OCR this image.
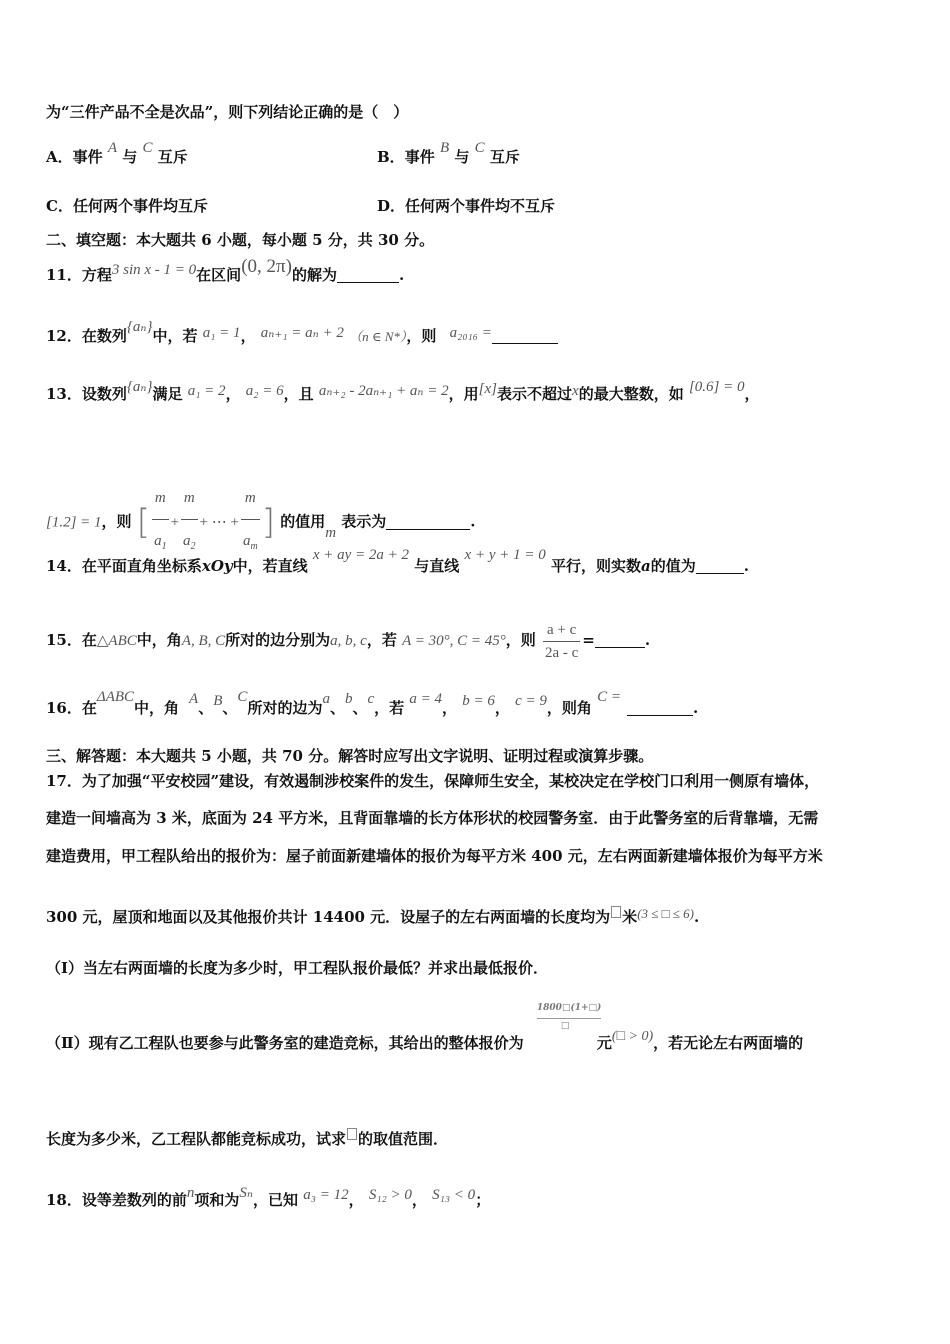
为“三件产品不全是次品”，则下列结论正确的是（　）
A．事件 A 与 C 互斥	B．事件 B 与 C 互斥
C．任何两个事件均互斥	D．任何两个事件均不互斥
二、填空题：本大题共 6 小题，每小题 5 分，共 30 分。
11．方程3 sin x - 1 = 0在区间(0, 2π)的解为	.
12．在数列{aₙ}中，若 a₁ = 1， aₙ₊₁ = aₙ + 2 （n ∈ N*），则 a₂₀₁₆ =
13．设数列{aₙ}满足 a₁ = 2， a₂ = 6，且 aₙ₊₂ - 2aₙ₊₁ + aₙ = 2，用[x]表示不超过x的最大整数，如 [0.6] = 0，
[1.2] = 1，则 [ $\frac{m}{a_1} + \frac{m}{a_2}$ + ⋯ + $\frac{m}{a_m}$ ] 的值用m 表示为	.
14．在平面直角坐标系xOy中，若直线 x + ay = 2a + 2 与直线 x + y + 1 = 0 平行，则实数a的值为	.
15．在△ABC中，角A, B, C所对的边分别为a, b, c，若 A = 30°, C = 45°，则 $\frac{a + c}{2a - c}$ =	.
16．在ΔABC中，角 A、B、C所对的边为a、b、c，若 a = 4， b = 6， c = 9，则角 C =.
三、解答题：本大题共 5 小题，共 70 分。解答时应写出文字说明、证明过程或演算步骤。
17．为了加强“平安校园”建设，有效遏制涉校案件的发生，保障师生安全，某校决定在学校门口利用一侧原有墙体，
建造一间墙高为 3 米，底面为 24 平方米，且背面靠墙的长方体形状的校园警务室．由于此警务室的后背靠墙，无需
建造费用，甲工程队给出的报价为：屋子前面新建墙体的报价为每平方米 400 元，左右两面新建墙体报价为每平方米
300 元，屋顶和地面以及其他报价共计 14400 元．设屋子的左右两面墙的长度均为 米(3 ≤ □ ≤ 6).
（Ⅰ）当左右两面墙的长度为多少时，甲工程队报价最低？并求出最低报价．
（Ⅱ）现有乙工程队也要参与此警务室的建造竞标，其给出的整体报价为
1800□(1+□)
□
元(□ > 0)，若无论左右两面墙的
长度为多少米，乙工程队都能竞标成功，试求 的取值范围．
18．设等差数列的前n项和为Sₙ，已知 a₃ = 12， S₁₂ > 0， S₁₃ < 0；
